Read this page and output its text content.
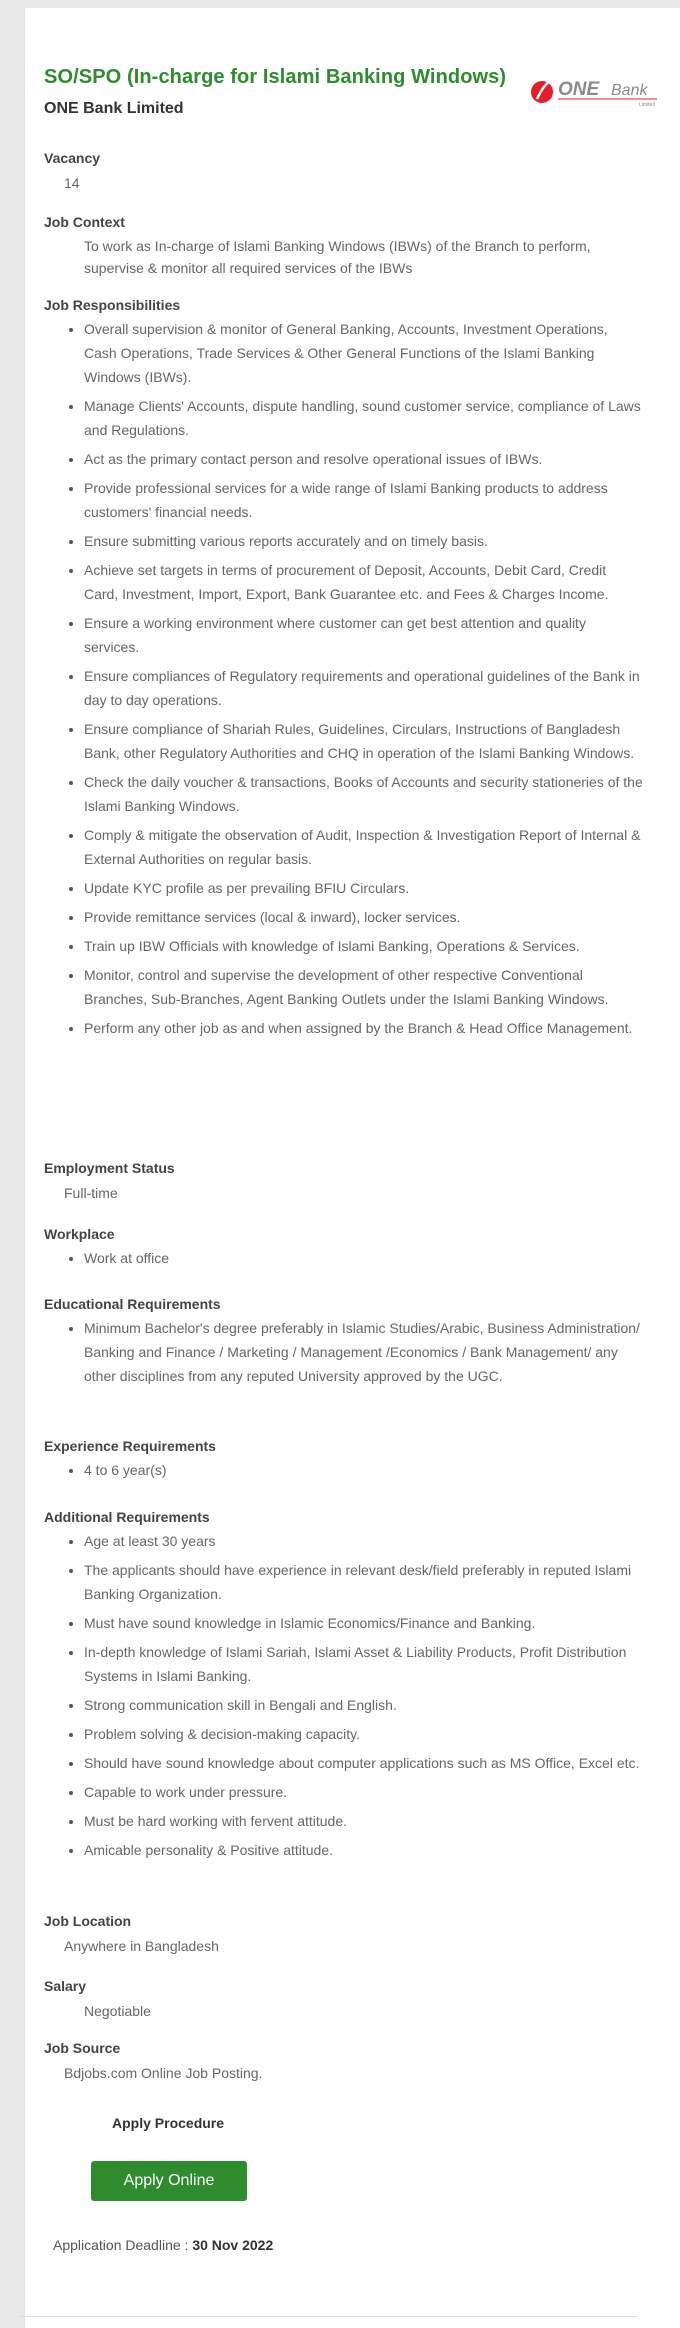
SO/SPO (In-charge for Islami Banking Windows)
ONE Bank Limited
ONE Bank
Limited

Vacancy

14

Job Context

To work as In-charge of Islami Banking Windows (IBWs) of the Branch to perform, supervise & monitor all required services of the IBWs

Job Responsibilities

• Overall supervision & monitor of General Banking, Accounts, Investment Operations, Cash Operations, Trade Services & Other General Functions of the Islami Banking Windows (IBWs).
• Manage Clients' Accounts, dispute handling, sound customer service, compliance of Laws and Regulations.
• Act as the primary contact person and resolve operational issues of IBWs.
• Provide professional services for a wide range of Islami Banking products to address customers' financial needs.
• Ensure submitting various reports accurately and on timely basis.
• Achieve set targets in terms of procurement of Deposit, Accounts, Debit Card, Credit Card, Investment, Import, Export, Bank Guarantee etc. and Fees & Charges Income.
• Ensure a working environment where customer can get best attention and quality services.
• Ensure compliances of Regulatory requirements and operational guidelines of the Bank in day to day operations.
• Ensure compliance of Shariah Rules, Guidelines, Circulars, Instructions of Bangladesh Bank, other Regulatory Authorities and CHQ in operation of the Islami Banking Windows.
• Check the daily voucher & transactions, Books of Accounts and security stationeries of the Islami Banking Windows.
• Comply & mitigate the observation of Audit, Inspection & Investigation Report of Internal & External Authorities on regular basis.
• Update KYC profile as per prevailing BFIU Circulars.
• Provide remittance services (local & inward), locker services.
• Train up IBW Officials with knowledge of Islami Banking, Operations & Services.
• Monitor, control and supervise the development of other respective Conventional Branches, Sub-Branches, Agent Banking Outlets under the Islami Banking Windows.
• Perform any other job as and when assigned by the Branch & Head Office Management.

Employment Status

Full-time

Workplace

• Work at office

Educational Requirements

• Minimum Bachelor's degree preferably in Islamic Studies/Arabic, Business Administration/ Banking and Finance / Marketing / Management /Economics / Bank Management/ any other disciplines from any reputed University approved by the UGC.

Experience Requirements

• 4 to 6 year(s)

Additional Requirements

• Age at least 30 years
• The applicants should have experience in relevant desk/field preferably in reputed Islami Banking Organization.
• Must have sound knowledge in Islamic Economics/Finance and Banking.
• In-depth knowledge of Islami Sariah, Islami Asset & Liability Products, Profit Distribution Systems in Islami Banking.
• Strong communication skill in Bengali and English.
• Problem solving & decision-making capacity.
• Should have sound knowledge about computer applications such as MS Office, Excel etc.
• Capable to work under pressure.
• Must be hard working with fervent attitude.
• Amicable personality & Positive attitude.

Job Location

Anywhere in Bangladesh

Salary

Negotiable

Job Source

Bdjobs.com Online Job Posting.

Apply Procedure
Apply Online
Application Deadline : 30 Nov 2022
